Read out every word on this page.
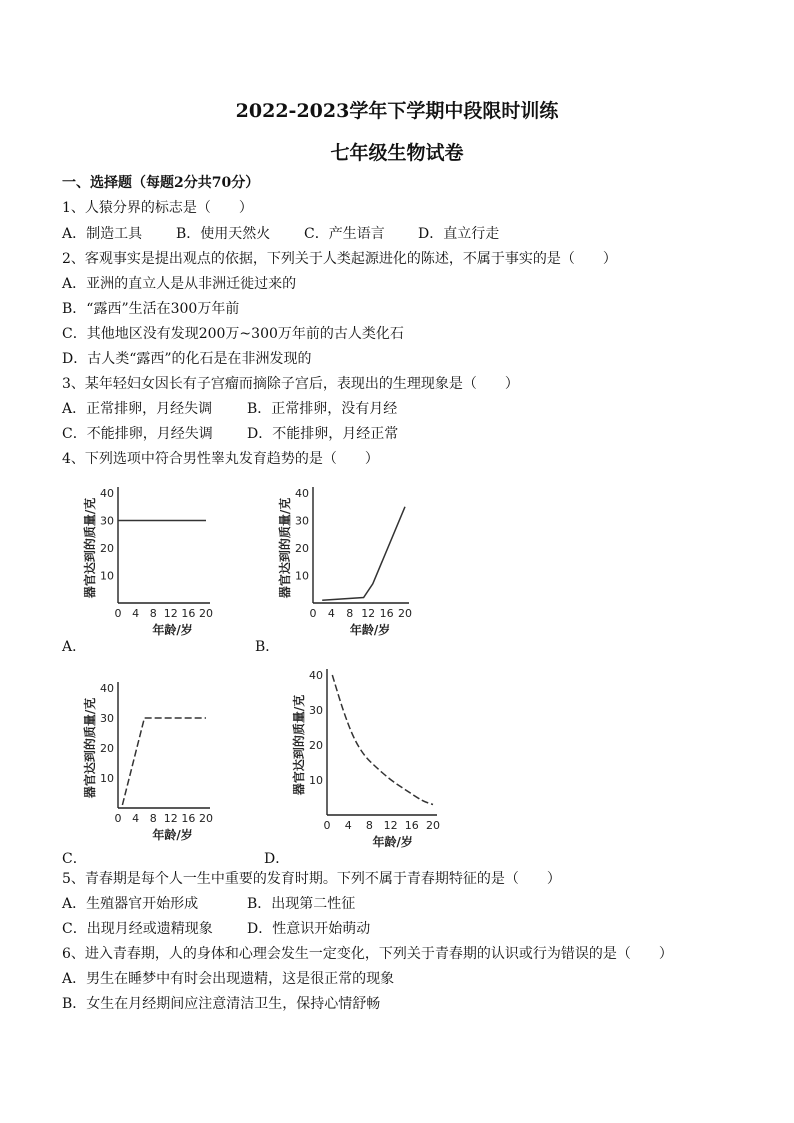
2022-2023学年下学期中段限时训练
七年级生物试卷
一、选择题（每题2分共70分）
1、人猿分界的标志是（　　）
A．制造工具 B．使用天然火 C．产生语言 D．直立行走
2、客观事实是提出观点的依据，下列关于人类起源进化的陈述，不属于事实的是（　　）
A．亚洲的直立人是从非洲迁徙过来的
B．“露西”生活在300万年前
C．其他地区没有发现200万~300万年前的古人类化石
D．古人类“露西”的化石是在非洲发现的
3、某年轻妇女因长有子宫瘤而摘除子宫后，表现出的生理现象是（　　）
A．正常排卵，月经失调 B．正常排卵，没有月经
C．不能排卵，月经失调 D．不能排卵，月经正常
4、下列选项中符合男性睾丸发育趋势的是（　　）
10
20
30
40
0 4 8 12 16 20
年龄/岁
器官达到的质量/克
A．
10
20
30
40
0 4 8 12 16 20
年龄/岁
器官达到的质量/克
B．
10
20
30
40
0 4 8 12 16 20
年龄/岁
器官达到的质量/克
C．
10
20
30
40
0 4 8 12 16 20
年龄/岁
器官达到的质量/克
D．
5、青春期是每个人一生中重要的发育时期。下列不属于青春期特征的是（　　）
A．生殖器官开始形成	B．出现第二性征
C．出现月经或遗精现象 D．性意识开始萌动
6、进入青春期，人的身体和心理会发生一定变化，下列关于青春期的认识或行为错误的是（　　）
A．男生在睡梦中有时会出现遗精，这是很正常的现象
B．女生在月经期间应注意清洁卫生，保持心情舒畅
